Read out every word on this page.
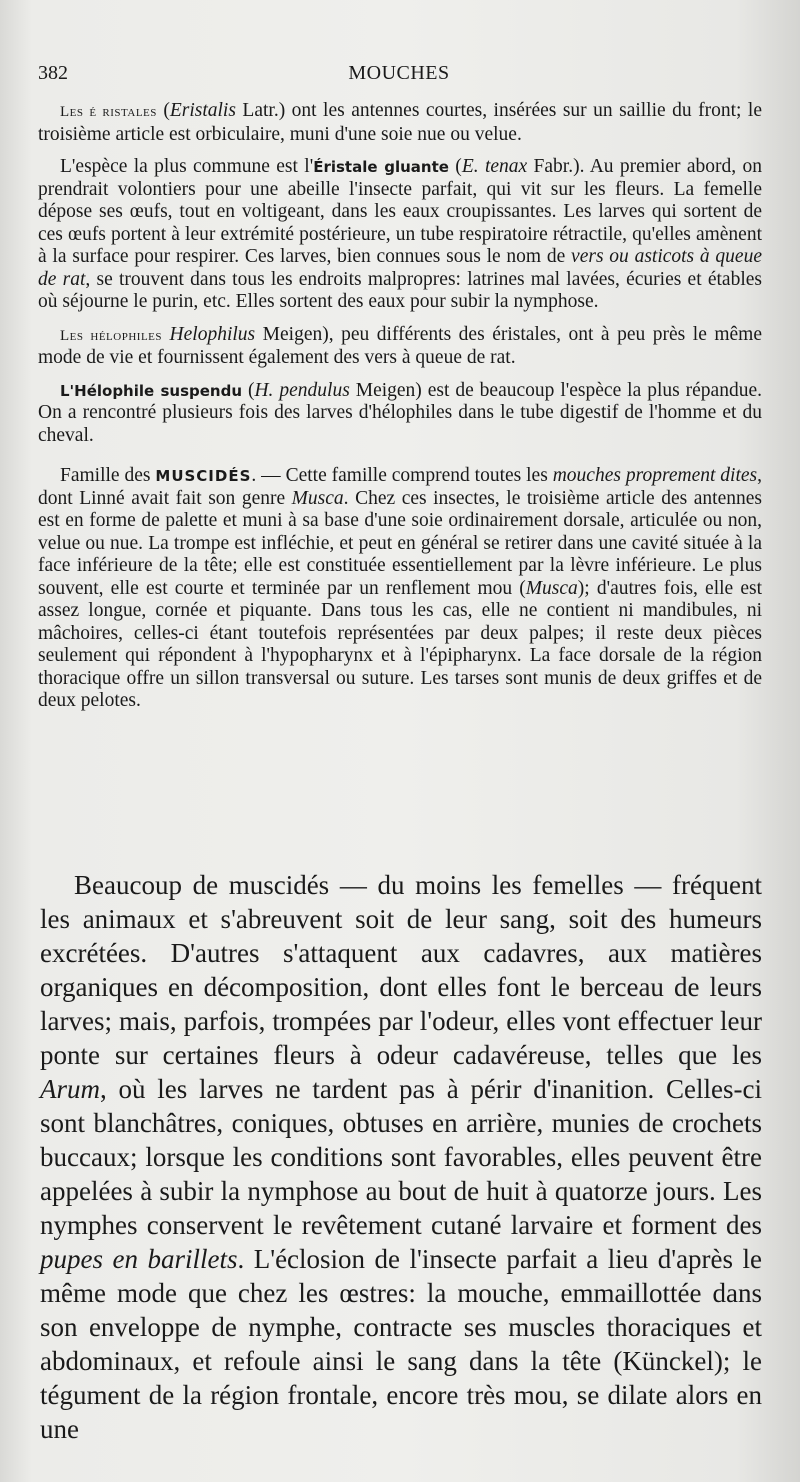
382	MOUCHES

Les é ristales (Eristalis Latr.) ont les antennes courtes, insérées sur un saillie du front; le troisième article est orbiculaire, muni d'une soie nue ou velue.

L'espèce la plus commune est l'Éristale gluante (E. tenax Fabr.). Au premier abord, on prendrait volontiers pour une abeille l'insecte parfait, qui vit sur les fleurs. La femelle dépose ses œufs, tout en voltigeant, dans les eaux croupissantes. Les larves qui sortent de ces œufs portent à leur extrémité postérieure, un tube respiratoire rétractile, qu'elles amènent à la surface pour respirer. Ces larves, bien connues sous le nom de vers ou asticots à queue de rat, se trouvent dans tous les endroits malpropres: latrines mal lavées, écuries et étables où séjourne le purin, etc. Elles sortent des eaux pour subir la nymphose.

Les hélophiles Helophilus Meigen), peu différents des éristales, ont à peu près le même mode de vie et fournissent également des vers à queue de rat.

L'Hélophile suspendu (H. pendulus Meigen) est de beaucoup l'espèce la plus répandue. On a rencontré plusieurs fois des larves d'hélophiles dans le tube digestif de l'homme et du cheval.

Famille des MUSCIDÉS. — Cette famille comprend toutes les mouches proprement dites, dont Linné avait fait son genre Musca. Chez ces insectes, le troisième article des antennes est en forme de palette et muni à sa base d'une soie ordinairement dorsale, articulée ou non, velue ou nue. La trompe est infléchie, et peut en général se retirer dans une cavité située à la face inférieure de la tête; elle est constituée essentiellement par la lèvre inférieure. Le plus souvent, elle est courte et terminée par un renflement mou (Musca); d'autres fois, elle est assez longue, cornée et piquante. Dans tous les cas, elle ne contient ni mandibules, ni mâchoires, celles-ci étant toutefois représentées par deux palpes; il reste deux pièces seulement qui répondent à l'hypopharynx et à l'épipharynx. La face dorsale de la région thoracique offre un sillon transversal ou suture. Les tarses sont munis de deux griffes et de deux pelotes.

Beaucoup de muscidés — du moins les femelles — fréquent les animaux et s'abreuvent soit de leur sang, soit des humeurs excrétées. D'autres s'attaquent aux cadavres, aux matières organiques en décomposition, dont elles font le berceau de leurs larves; mais, parfois, trompées par l'odeur, elles vont effectuer leur ponte sur certaines fleurs à odeur cadavéreuse, telles que les Arum, où les larves ne tardent pas à périr d'inanition. Celles-ci sont blanchâtres, coniques, obtuses en arrière, munies de crochets buccaux; lorsque les conditions sont favorables, elles peuvent être appelées à subir la nymphose au bout de huit à quatorze jours. Les nymphes conservent le revêtement cutané larvaire et forment des pupes en barillets. L'éclosion de l'insecte parfait a lieu d'après le même mode que chez les œstres: la mouche, emmaillottée dans son enveloppe de nymphe, contracte ses muscles thoraciques et abdominaux, et refoule ainsi le sang dans la tête (Künckel); le tégument de la région frontale, encore très mou, se dilate alors en une
